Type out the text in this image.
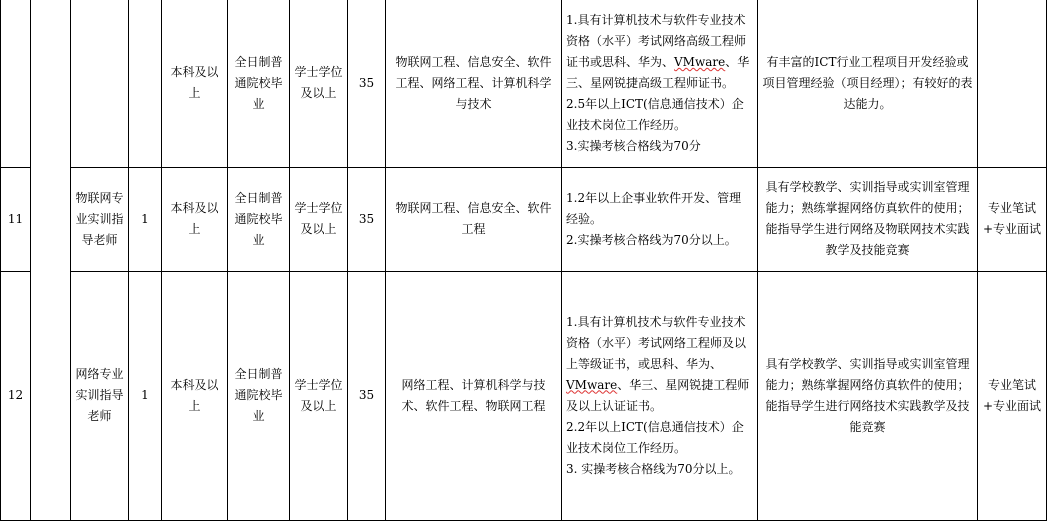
				本科及以上	全日制普通院校毕业	学士学位及以上	35	物联网工程、信息安全、软件工程、网络工程、计算机科学与技术	1.具有计算机技术与软件专业技术资格（水平）考试网络高级工程师证书或思科、华为、VMware、华三、星网锐捷高级工程师证书。

2.5年以上ICT(信息通信技术）企业技术岗位工作经历。

3.实操考核合格线为70分	有丰富的ICT行业工程项目开发经验或项目管理经验（项目经理）；有较好的表达能力。	
11		物联网专业实训指导老师	1	本科及以上	全日制普通院校毕业	学士学位及以上	35	物联网工程、信息安全、软件工程	1.2年以上企事业软件开发、管理经验。

2.实操考核合格线为70分以上。	具有学校教学、实训指导或实训室管理能力；熟练掌握网络仿真软件的使用；能指导学生进行网络及物联网技术实践教学及技能竞赛	专业笔试+专业面试
12		网络专业实训指导老师	1	本科及以上	全日制普通院校毕业	学士学位及以上	35	网络工程、计算机科学与技术、软件工程、物联网工程	1.具有计算机技术与软件专业技术资格（水平）考试网络工程师及以上等级证书，或思科、华为、VMware、华三、星网锐捷工程师及以上认证证书。

2.2年以上ICT(信息通信技术）企业技术岗位工作经历。

3. 实操考核合格线为70分以上。	具有学校教学、实训指导或实训室管理能力；熟练掌握网络仿真软件的使用；能指导学生进行网络技术实践教学及技能竞赛	专业笔试+专业面试
